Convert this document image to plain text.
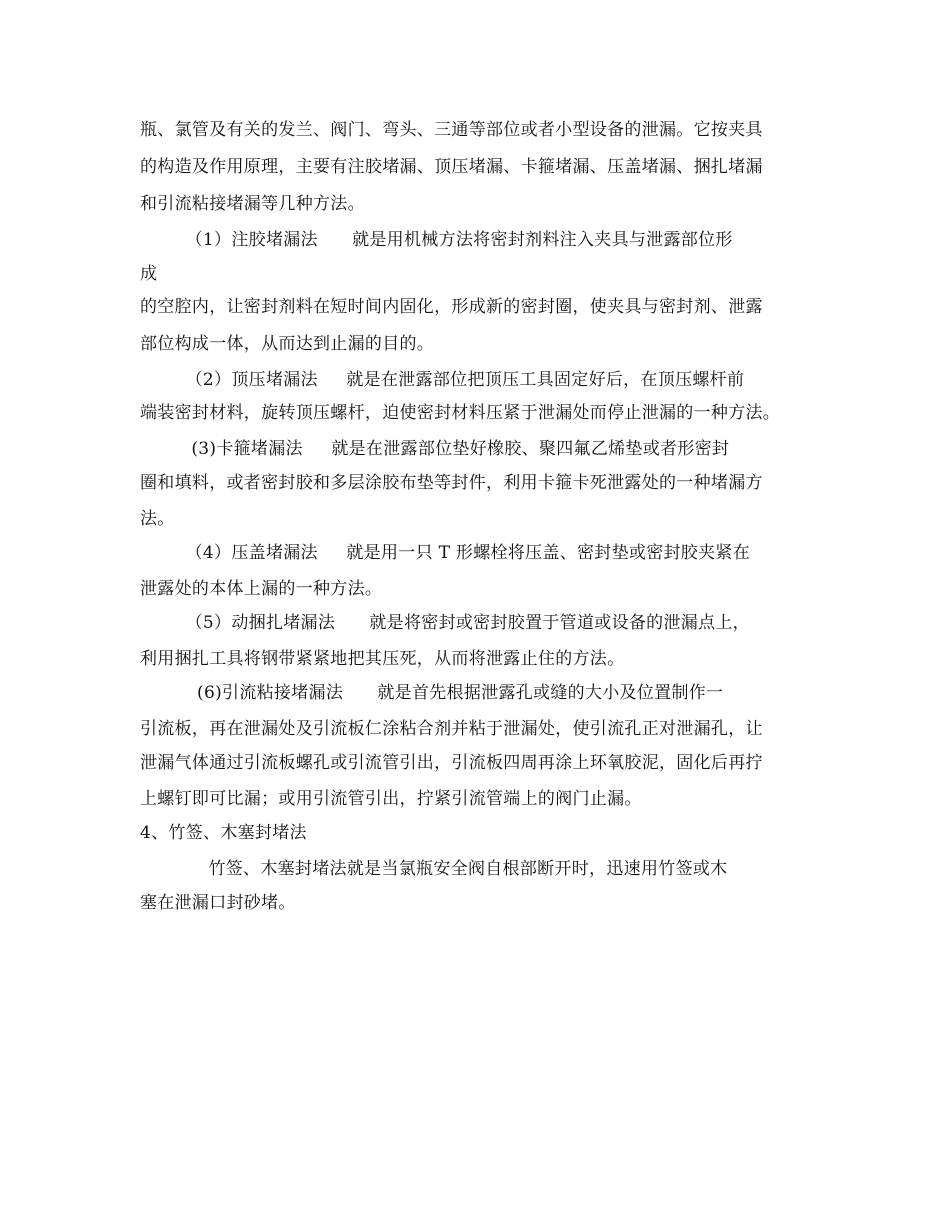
瓶、氯管及有关的发兰、阀门、弯头、三通等部位或者小型设备的泄漏。它按夹具
的构造及作用原理，主要有注胶堵漏、顶压堵漏、卡箍堵漏、压盖堵漏、捆扎堵漏
和引流粘接堵漏等几种方法。
（1）注胶堵漏法      就是用机械方法将密封剂料注入夹具与泄露部位形
成
的空腔内，让密封剂料在短时间内固化，形成新的密封圈，使夹具与密封剂、泄露
部位构成一体，从而达到止漏的目的。
（2）顶压堵漏法     就是在泄露部位把顶压工具固定好后，在顶压螺杆前
端装密封材料，旋转顶压螺杆，迫使密封材料压紧于泄漏处而停止泄漏的一种方法。
(3)卡箍堵漏法     就是在泄露部位垫好橡胶、聚四氟乙烯垫或者形密封
圈和填料，或者密封胶和多层涂胶布垫等封件，利用卡箍卡死泄露处的一种堵漏方
法。
（4）压盖堵漏法     就是用一只 T 形螺栓将压盖、密封垫或密封胶夹紧在
泄露处的本体上漏的一种方法。
（5）动捆扎堵漏法      就是将密封或密封胶置于管道或设备的泄漏点上，
利用捆扎工具将钢带紧紧地把其压死，从而将泄露止住的方法。
(6)引流粘接堵漏法      就是首先根据泄露孔或缝的大小及位置制作一
引流板，再在泄漏处及引流板仁涂粘合剂并粘于泄漏处，使引流孔正对泄漏孔，让
泄漏气体通过引流板螺孔或引流管引出，引流板四周再涂上环氧胶泥，固化后再拧
上螺钉即可比漏；或用引流管引出，拧紧引流管端上的阀门止漏。
4、竹签、木塞封堵法
竹签、木塞封堵法就是当氯瓶安全阀自根部断开时，迅速用竹签或木
塞在泄漏口封砂堵。
